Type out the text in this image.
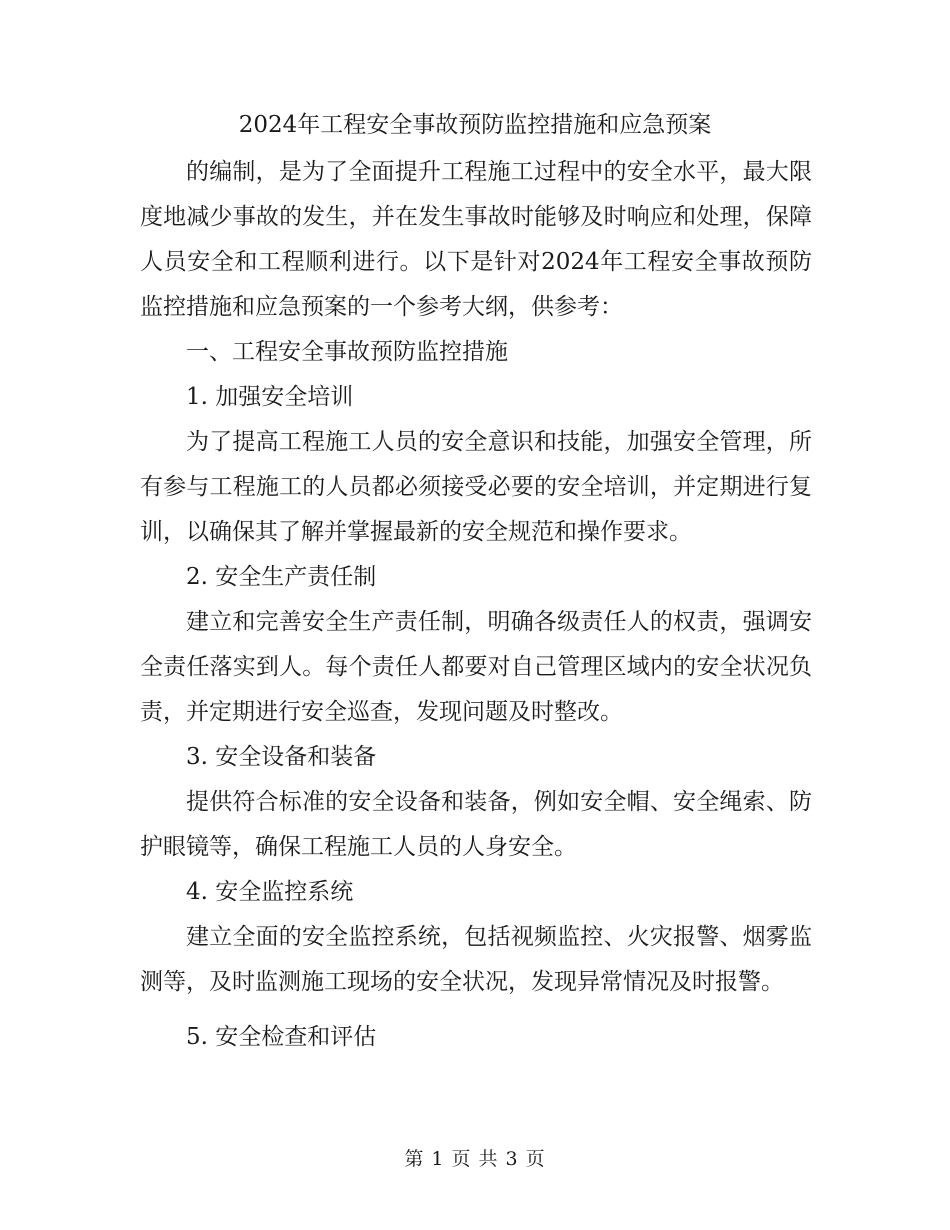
2024年工程安全事故预防监控措施和应急预案

的编制，是为了全面提升工程施工过程中的安全水平，最大限度地减少事故的发生，并在发生事故时能够及时响应和处理，保障人员安全和工程顺利进行。以下是针对2024年工程安全事故预防监控措施和应急预案的一个参考大纲，供参考：

一、工程安全事故预防监控措施

1. 加强安全培训

为了提高工程施工人员的安全意识和技能，加强安全管理，所有参与工程施工的人员都必须接受必要的安全培训，并定期进行复训，以确保其了解并掌握最新的安全规范和操作要求。

2. 安全生产责任制

建立和完善安全生产责任制，明确各级责任人的权责，强调安全责任落实到人。每个责任人都要对自己管理区域内的安全状况负责，并定期进行安全巡查，发现问题及时整改。

3. 安全设备和装备

提供符合标准的安全设备和装备，例如安全帽、安全绳索、防护眼镜等，确保工程施工人员的人身安全。

4. 安全监控系统

建立全面的安全监控系统，包括视频监控、火灾报警、烟雾监测等，及时监测施工现场的安全状况，发现异常情况及时报警。

5. 安全检查和评估

第 1 页 共 3 页
